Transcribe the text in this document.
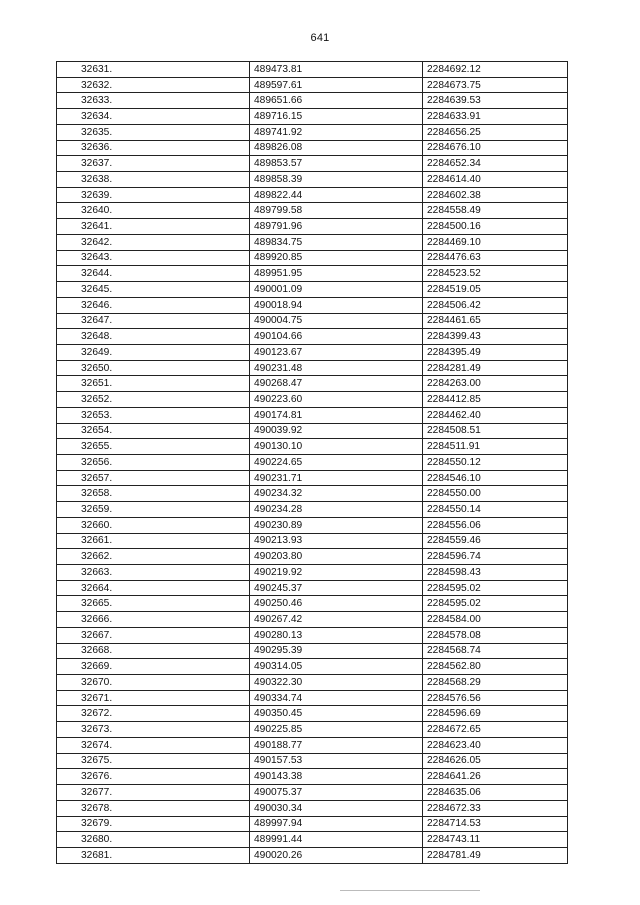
641
32631.	489473.81	2284692.12
32632.	489597.61	2284673.75
32633.	489651.66	2284639.53
32634.	489716.15	2284633.91
32635.	489741.92	2284656.25
32636.	489826.08	2284676.10
32637.	489853.57	2284652.34
32638.	489858.39	2284614.40
32639.	489822.44	2284602.38
32640.	489799.58	2284558.49
32641.	489791.96	2284500.16
32642.	489834.75	2284469.10
32643.	489920.85	2284476.63
32644.	489951.95	2284523.52
32645.	490001.09	2284519.05
32646.	490018.94	2284506.42
32647.	490004.75	2284461.65
32648.	490104.66	2284399.43
32649.	490123.67	2284395.49
32650.	490231.48	2284281.49
32651.	490268.47	2284263.00
32652.	490223.60	2284412.85
32653.	490174.81	2284462.40
32654.	490039.92	2284508.51
32655.	490130.10	2284511.91
32656.	490224.65	2284550.12
32657.	490231.71	2284546.10
32658.	490234.32	2284550.00
32659.	490234.28	2284550.14
32660.	490230.89	2284556.06
32661.	490213.93	2284559.46
32662.	490203.80	2284596.74
32663.	490219.92	2284598.43
32664.	490245.37	2284595.02
32665.	490250.46	2284595.02
32666.	490267.42	2284584.00
32667.	490280.13	2284578.08
32668.	490295.39	2284568.74
32669.	490314.05	2284562.80
32670.	490322.30	2284568.29
32671.	490334.74	2284576.56
32672.	490350.45	2284596.69
32673.	490225.85	2284672.65
32674.	490188.77	2284623.40
32675.	490157.53	2284626.05
32676.	490143.38	2284641.26
32677.	490075.37	2284635.06
32678.	490030.34	2284672.33
32679.	489997.94	2284714.53
32680.	489991.44	2284743.11
32681.	490020.26	2284781.49
